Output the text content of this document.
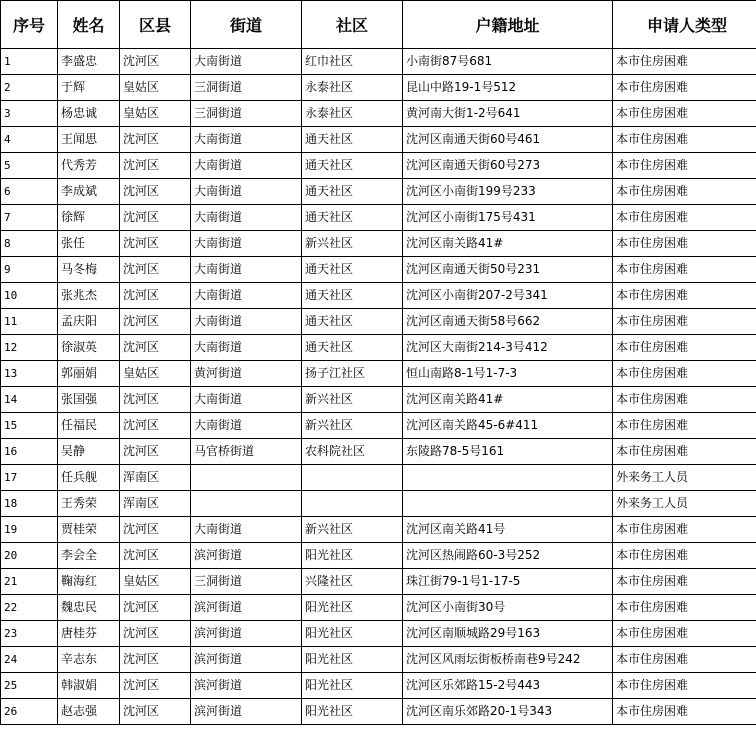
序号	姓名	区县	街道	社区	户籍地址	申请人类型
1	李盛忠	沈河区	大南街道	红巾社区	小南街87号681	本市住房困难
2	于辉	皇姑区	三洞街道	永泰社区	昆山中路19-1号512	本市住房困难
3	杨忠诚	皇姑区	三洞街道	永泰社区	黄河南大街1-2号641	本市住房困难
4	王闻思	沈河区	大南街道	通天社区	沈河区南通天街60号461	本市住房困难
5	代秀芳	沈河区	大南街道	通天社区	沈河区南通天街60号273	本市住房困难
6	李成斌	沈河区	大南街道	通天社区	沈河区小南街199号233	本市住房困难
7	徐辉	沈河区	大南街道	通天社区	沈河区小南街175号431	本市住房困难
8	张任	沈河区	大南街道	新兴社区	沈河区南关路41#	本市住房困难
9	马冬梅	沈河区	大南街道	通天社区	沈河区南通天街50号231	本市住房困难
10	张兆杰	沈河区	大南街道	通天社区	沈河区小南街207-2号341	本市住房困难
11	孟庆阳	沈河区	大南街道	通天社区	沈河区南通天街58号662	本市住房困难
12	徐淑英	沈河区	大南街道	通天社区	沈河区大南街214-3号412	本市住房困难
13	郭丽娟	皇姑区	黄河街道	扬子江社区	恒山南路8-1号1-7-3	本市住房困难
14	张国强	沈河区	大南街道	新兴社区	沈河区南关路41#	本市住房困难
15	任福民	沈河区	大南街道	新兴社区	沈河区南关路45-6#411	本市住房困难
16	吴静	沈河区	马官桥街道	农科院社区	东陵路78-5号161	本市住房困难
17	任兵舰	浑南区				外来务工人员
18	王秀荣	浑南区				外来务工人员
19	贾桂荣	沈河区	大南街道	新兴社区	沈河区南关路41号	本市住房困难
20	李会全	沈河区	滨河街道	阳光社区	沈河区热闹路60-3号252	本市住房困难
21	鞠海红	皇姑区	三洞街道	兴隆社区	珠江街79-1号1-17-5	本市住房困难
22	魏忠民	沈河区	滨河街道	阳光社区	沈河区小南街30号	本市住房困难
23	唐桂芬	沈河区	滨河街道	阳光社区	沈河区南顺城路29号163	本市住房困难
24	辛志东	沈河区	滨河街道	阳光社区	沈河区风雨坛街板桥南巷9号242	本市住房困难
25	韩淑娟	沈河区	滨河街道	阳光社区	沈河区乐郊路15-2号443	本市住房困难
26	赵志强	沈河区	滨河街道	阳光社区	沈河区南乐郊路20-1号343	本市住房困难
